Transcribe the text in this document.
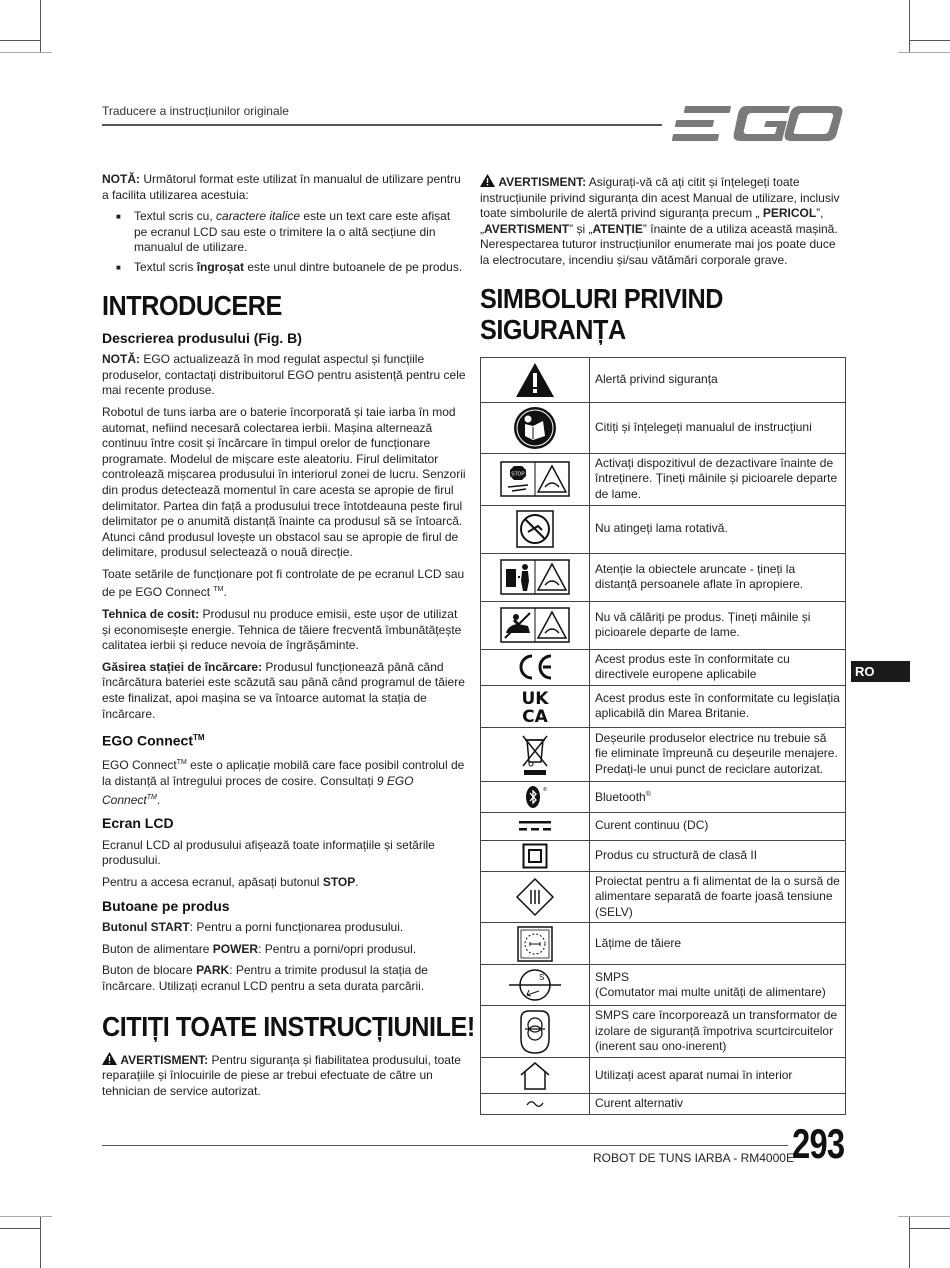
Traducere a instrucțiunilor originale

NOTĂ: Următorul format este utilizat în manualul de utilizare pentru a facilita utilizarea acestuia:

■ Textul scris cu, caractere italice este un text care este afișat pe ecranul LCD sau este o trimitere la o altă secțiune din manualul de utilizare.
■ Textul scris îngroșat este unul dintre butoanele de pe produs.
INTRODUCERE
Descrierea produsului (Fig. B)

NOTĂ: EGO actualizează în mod regulat aspectul și funcțiile produselor, contactați distribuitorul EGO pentru asistență pentru cele mai recente produse.

Robotul de tuns iarba are o baterie încorporată și taie iarba în mod automat, nefiind necesară colectarea ierbii. Mașina alternează continuu între cosit și încărcare în timpul orelor de funcționare programate. Modelul de mișcare este aleatoriu. Firul delimitator controlează mișcarea produsului în interiorul zonei de lucru. Senzorii din produs detectează momentul în care acesta se apropie de firul delimitator. Partea din față a produsului trece întotdeauna peste firul delimitator pe o anumită distanță înainte ca produsul să se întoarcă. Atunci când produsul lovește un obstacol sau se apropie de firul de delimitare, produsul selectează o nouă direcție.

Toate setările de funcționare pot fi controlate de pe ecranul LCD sau de pe EGO Connect ™.

Tehnica de cosit: Produsul nu produce emisii, este ușor de utilizat și economisește energie. Tehnica de tăiere frecventă îmbunătățește calitatea ierbii și reduce nevoia de îngrășăminte.

Găsirea stației de încărcare: Produsul funcționează până când încărcătura bateriei este scăzută sau până când programul de tăiere este finalizat, apoi mașina se va întoarce automat la stația de încărcare.

EGO Connect™

EGO Connect™ este o aplicație mobilă care face posibil controlul de la distanță al întregului proces de cosire. Consultați 9 EGO Connect™.

Ecran LCD

Ecranul LCD al produsului afișează toate informațiile și setările produsului.

Pentru a accesa ecranul, apăsați butonul STOP.

Butoane pe produs

Butonul START: Pentru a porni funcționarea produsului.

Buton de alimentare POWER: Pentru a porni/opri produsul.

Buton de blocare PARK: Pentru a trimite produsul la stația de încărcare. Utilizați ecranul LCD pentru a seta durata parcării.

CITIȚI TOATE INSTRUCȚIUNILE!

AVERTISMENT: Pentru siguranța și fiabilitatea produsului, toate reparațiile și înlocuirile de piese ar trebui efectuate de către un tehnician de service autorizat.

AVERTISMENT: Asigurați-vă că ați citit și înțelegeți toate instrucțiunile privind siguranța din acest Manual de utilizare, inclusiv toate simbolurile de alertă privind siguranța precum „ PERICOL”, „AVERTISMENT” și „ATENȚIE” înainte de a utiliza această mașină. Nerespectarea tuturor instrucțiunilor enumerate mai jos poate duce la electrocutare, incendiu și/sau vătămări corporale grave.

SIMBOLURI PRIVIND
SIGURANȚA
	Alertă privind siguranța

	Citiți și înțelegeți manualul de instrucțiuni

STOP	Activați dispozitivul de dezactivare înainte de întreținere. Țineți mâinile și picioarele departe de lame.

	Nu atingeți lama rotativă.

	Atenție la obiectele aruncate - țineți la distanță persoanele aflate în apropiere.

	Nu vă călăriți pe produs. Țineți mâinile și picioarele departe de lame.

	Acest produs este în conformitate cu directivele europene aplicabile

UK
CA	Acest produs este în conformitate cu legislația aplicabilă din Marea Britanie.

	Deșeurile produselor electrice nu trebuie să fie eliminate împreună cu deșeurile menajere. Predați-le unui punct de reciclare autorizat.

®	Bluetooth®

	Curent continuu (DC)

	Produs cu structură de clasă II

	Proiectat pentru a fi alimentat de la o sursă de alimentare separată de foarte joasă tensiune (SELV)

	Lățime de tăiere

S	SMPS
(Comutator mai multe unități de alimentare)

	SMPS care încorporează un transformator de izolare de siguranță împotriva scurtcircuitelor (inerent sau ono-inerent)

	Utilizați acest aparat numai în interior

	Curent alternativ
RO
ROBOT DE TUNS IARBA - RM4000E
293
